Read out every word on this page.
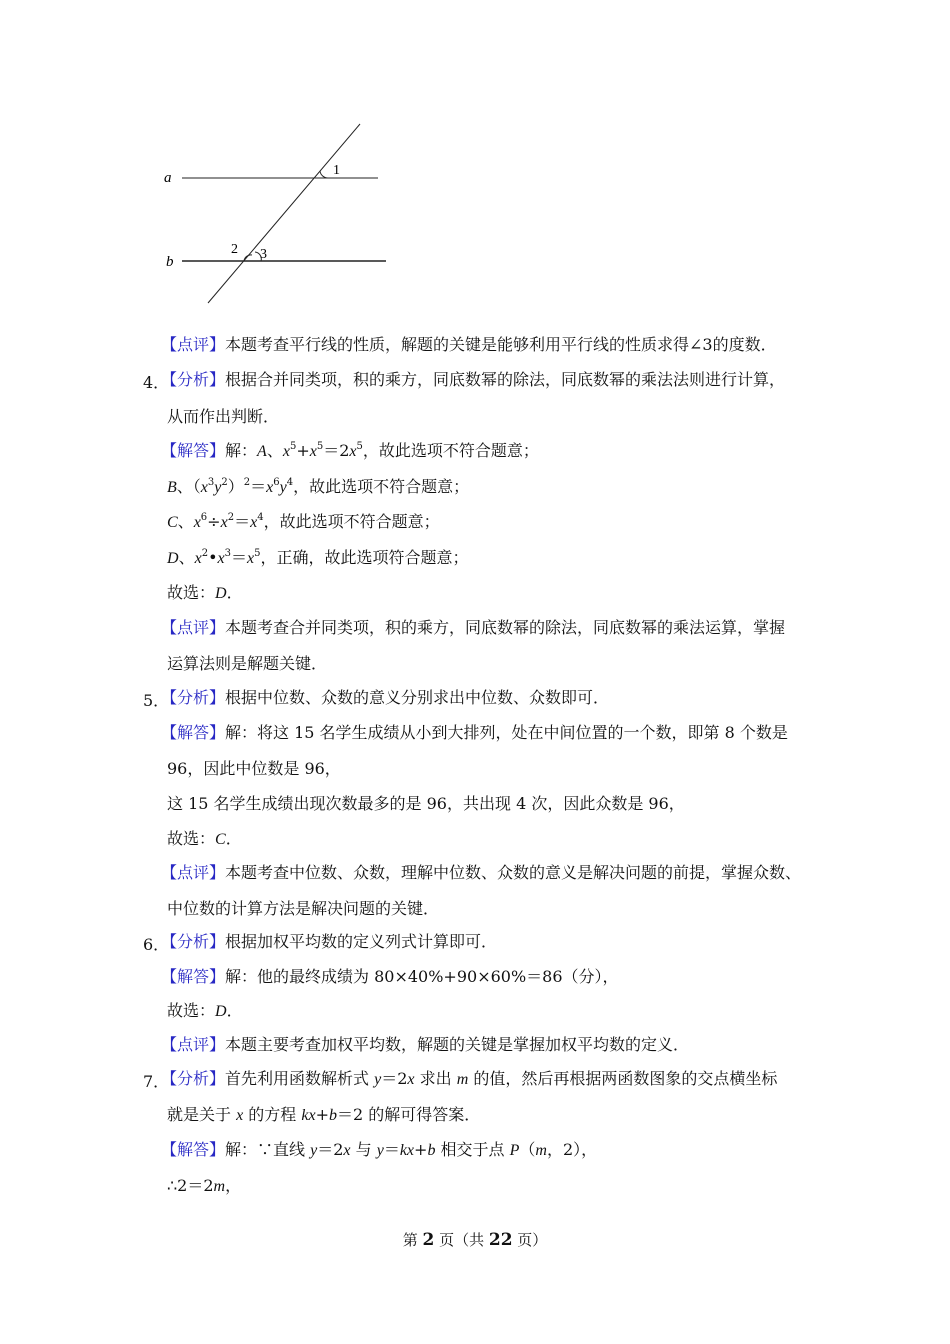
a
b
1
2 3
【点评】本题考查平行线的性质，解题的关键是能够利用平行线的性质求得∠3的度数．
4．
【分析】根据合并同类项，积的乘方，同底数幂的除法，同底数幂的乘法法则进行计算，
从而作出判断．
【解答】解：A、$x^5+x^5=2x^5$，故此选项不符合题意；
B、$(x^3y^2)^2=x^6y^4$，故此选项不符合题意；
C、$x^6\div x^2=x^4$，故此选项不符合题意；
D、$x^2•x^3=x^5$，正确，故此选项符合题意；
故选：D．
【点评】本题考查合并同类项，积的乘方，同底数幂的除法，同底数幂的乘法运算，掌握
运算法则是解题关键．
5．
【分析】根据中位数、众数的意义分别求出中位数、众数即可．
【解答】解：将这 15 名学生成绩从小到大排列，处在中间位置的一个数，即第 8 个数是
96，因此中位数是 96，
这 15 名学生成绩出现次数最多的是 96，共出现 4 次，因此众数是 96，
故选：C．
【点评】本题考查中位数、众数，理解中位数、众数的意义是解决问题的前提，掌握众数、
中位数的计算方法是解决问题的关键．
6．
【分析】根据加权平均数的定义列式计算即可．
【解答】解：他的最终成绩为 80×40%+90×60%＝86（分），
故选：D．
【点评】本题主要考查加权平均数，解题的关键是掌握加权平均数的定义．
7．
【分析】首先利用函数解析式 y＝2x 求出 m 的值，然后再根据两函数图象的交点横坐标
就是关于 x 的方程 kx+b＝2 的解可得答案．
【解答】解：∵直线 y＝2x 与 y＝kx+b 相交于点 P（m，2），
∴2＝2m，
第 2 页（共 22 页）
